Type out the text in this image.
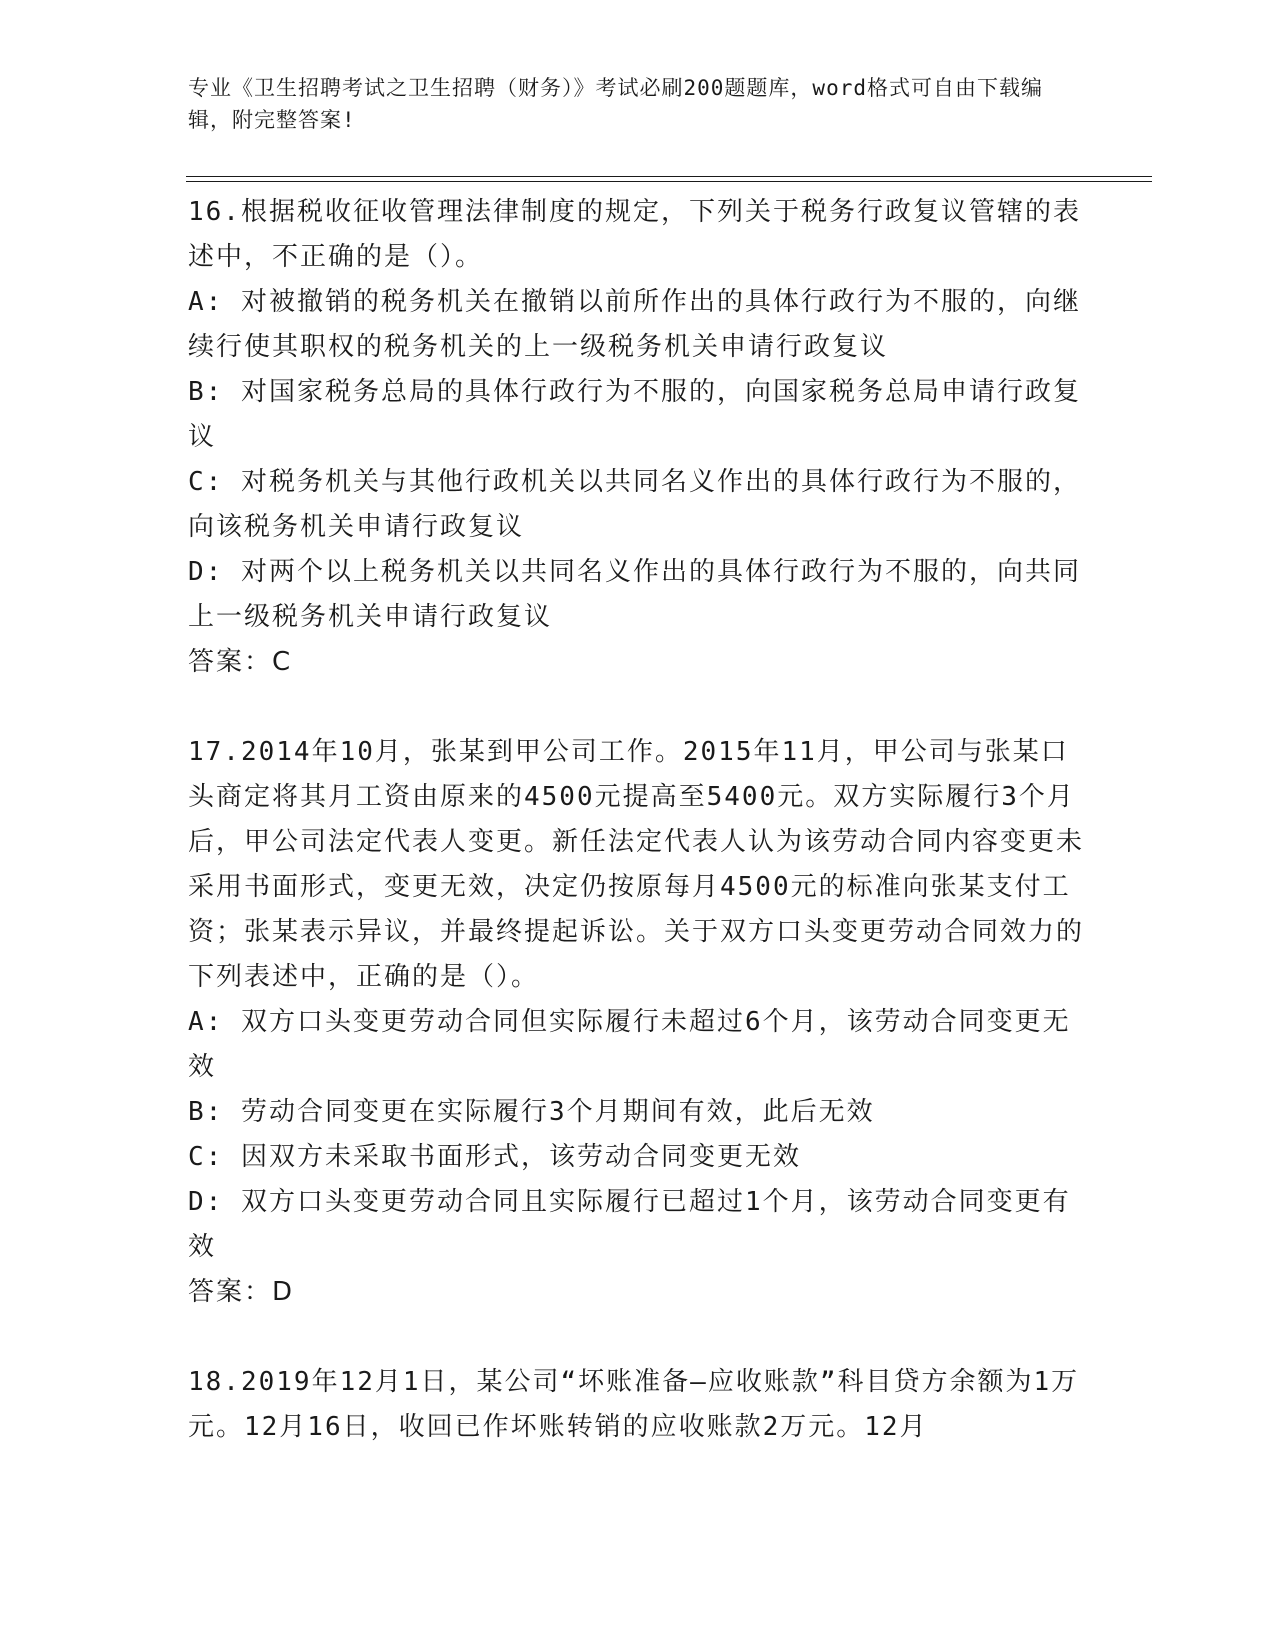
专业《卫生招聘考试之卫生招聘（财务）》考试必刷200题题库，word格式可自由下载编辑，附完整答案!

16.根据税收征收管理法律制度的规定，下列关于税务行政复议管辖的表述中，不正确的是（）。

A: 对被撤销的税务机关在撤销以前所作出的具体行政行为不服的，向继续行使其职权的税务机关的上一级税务机关申请行政复议

B: 对国家税务总局的具体行政行为不服的，向国家税务总局申请行政复议

C: 对税务机关与其他行政机关以共同名义作出的具体行政行为不服的，向该税务机关申请行政复议

D: 对两个以上税务机关以共同名义作出的具体行政行为不服的，向共同上一级税务机关申请行政复议

答案：C

17.2014年10月，张某到甲公司工作。2015年11月，甲公司与张某口头商定将其月工资由原来的4500元提高至5400元。双方实际履行3个月后，甲公司法定代表人变更。新任法定代表人认为该劳动合同内容变更未采用书面形式，变更无效，决定仍按原每月4500元的标准向张某支付工资；张某表示异议，并最终提起诉讼。关于双方口头变更劳动合同效力的下列表述中，正确的是（）。

A: 双方口头变更劳动合同但实际履行未超过6个月，该劳动合同变更无效

B: 劳动合同变更在实际履行3个月期间有效，此后无效

C: 因双方未采取书面形式，该劳动合同变更无效

D: 双方口头变更劳动合同且实际履行已超过1个月，该劳动合同变更有效

答案：D

18.2019年12月1日，某公司“坏账准备—应收账款”科目贷方余额为1万元。12月16日，收回已作坏账转销的应收账款2万元。12月
